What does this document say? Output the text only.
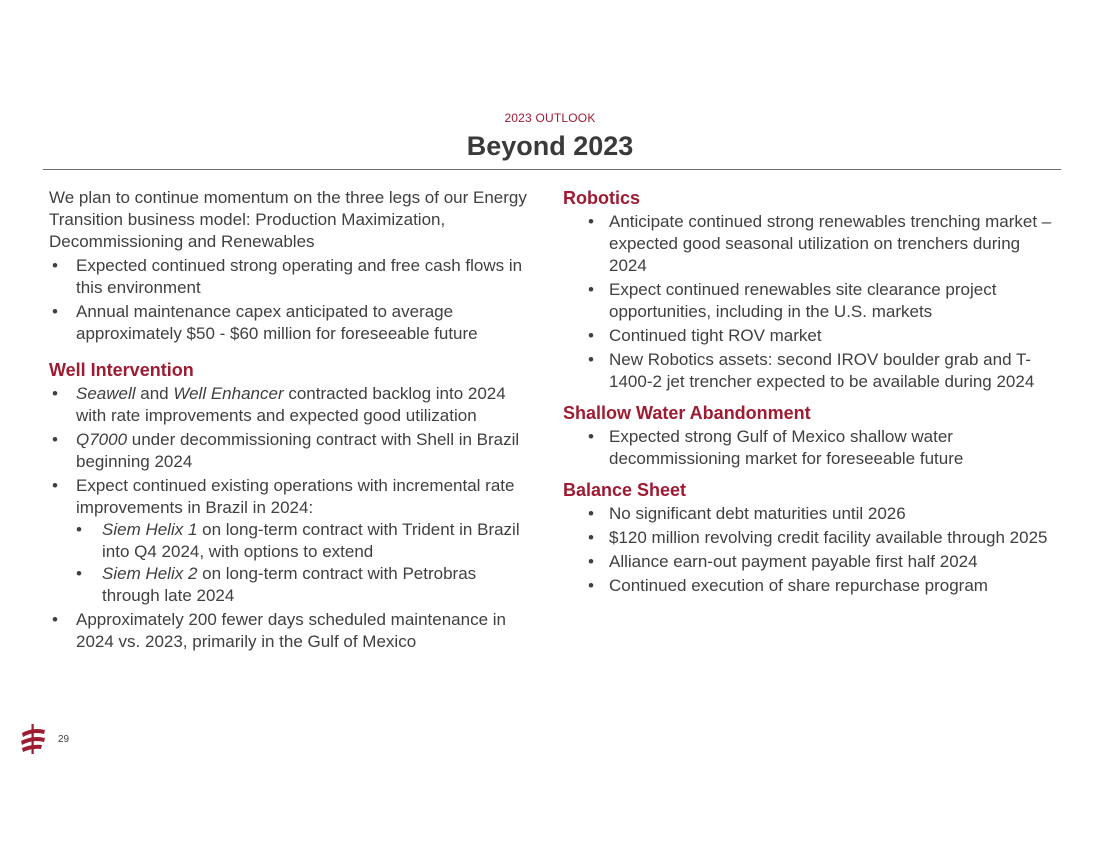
2023 OUTLOOK
Beyond 2023

We plan to continue momentum on the three legs of our Energy Transition business model: Production Maximization, Decommissioning and Renewables

• Expected continued strong operating and free cash flows in this environment
• Annual maintenance capex anticipated to average approximately $50 - $60 million for foreseeable future
Well Intervention
• Seawell and Well Enhancer contracted backlog into 2024 with rate improvements and expected good utilization
• Q7000 under decommissioning contract with Shell in Brazil beginning 2024
• Expect continued existing operations with incremental rate improvements in Brazil in 2024:
• Siem Helix 1 on long-term contract with Trident in Brazil into Q4 2024, with options to extend
• Siem Helix 2 on long-term contract with Petrobras through late 2024
• Approximately 200 fewer days scheduled maintenance in 2024 vs. 2023, primarily in the Gulf of Mexico
Robotics
• Anticipate continued strong renewables trenching market – expected good seasonal utilization on trenchers during 2024
• Expect continued renewables site clearance project opportunities, including in the U.S. markets
• Continued tight ROV market
• New Robotics assets: second IROV boulder grab and T-1400-2 jet trencher expected to be available during 2024
Shallow Water Abandonment
• Expected strong Gulf of Mexico shallow water decommissioning market for foreseeable future
Balance Sheet
• No significant debt maturities until 2026
• $120 million revolving credit facility available through 2025
• Alliance earn-out payment payable first half 2024
• Continued execution of share repurchase program
29
